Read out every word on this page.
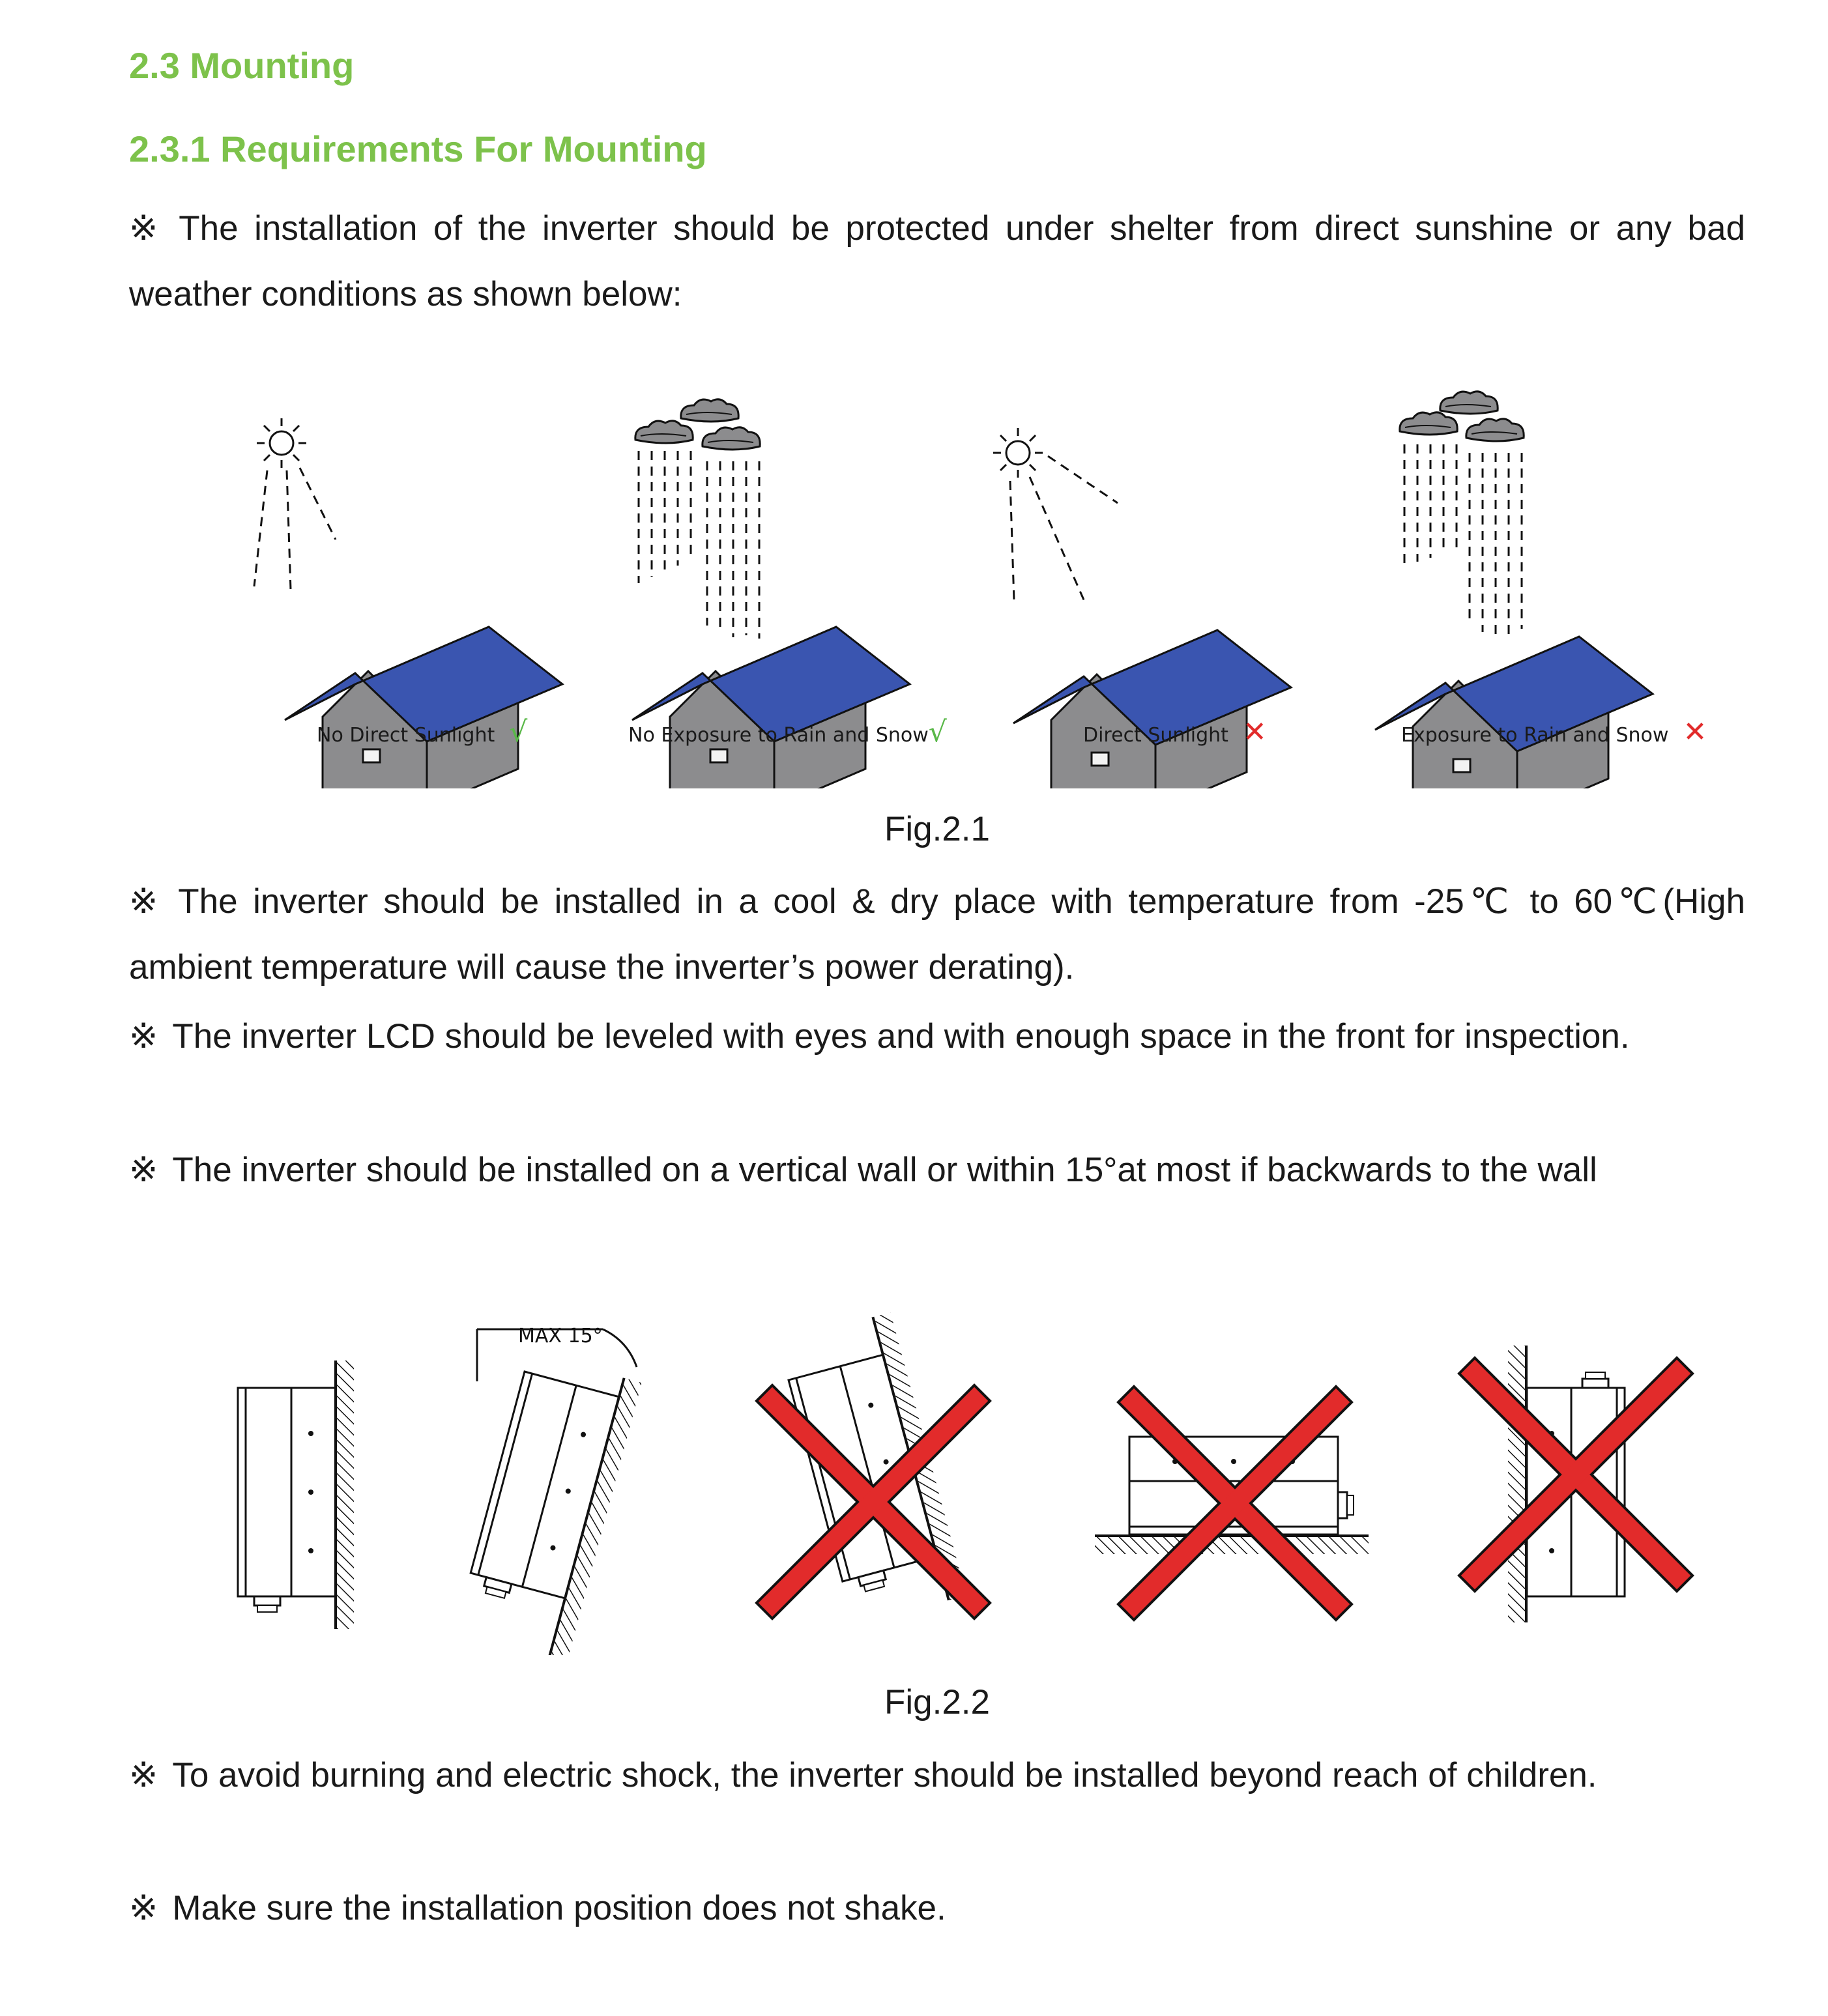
2.3 Mounting
2.3.1 Requirements For Mounting

※ The installation of the inverter should be protected under shelter from direct sunshine or any bad weather conditions as shown below:

No Direct Sunlight √	No Exposure to Rain and Snow√	Direct Sunlight ✕	Exposure to Rain and Snow ✕
Fig.2.1

※ The inverter should be installed in a cool & dry place with temperature from -25℃ to 60℃(High ambient temperature will cause the inverter’s power derating).

※ The inverter LCD should be leveled with eyes and with enough space in the front for inspection.

※ The inverter should be installed on a vertical wall or within 15°at most if backwards to the wall

MAX 15°
Fig.2.2

※ To avoid burning and electric shock, the inverter should be installed beyond reach of children.

※ Make sure the installation position does not shake.
